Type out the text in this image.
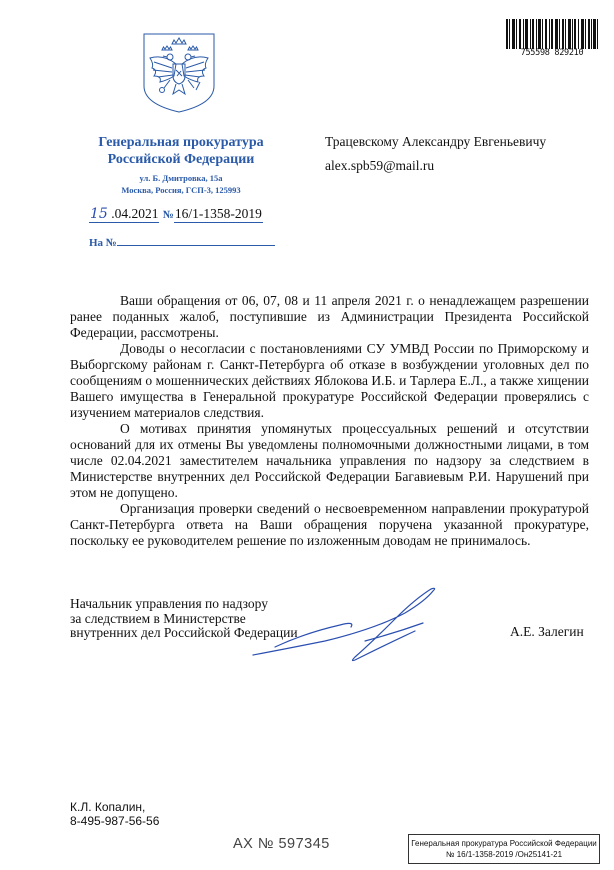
Генеральная прокуратура
Российской Федерации
ул. Б. Дмитровка, 15а
Москва, Россия, ГСП-3, 125993
15 .04.2021 №16/1-1358-2019
На №
Трацевскому Александру Евгеньевичу
alex.spb59@mail.ru
755598 829210

Ваши обращения от 06, 07, 08 и 11 апреля 2021 г. о ненадлежащем разрешении ранее поданных жалоб, поступившие из Администрации Президента Российской Федерации, рассмотрены.

Доводы о несогласии с постановлениями СУ УМВД России по Приморскому и Выборгскому районам г. Санкт-Петербурга об отказе в возбуждении уголовных дел по сообщениям о мошеннических действиях Яблокова И.Б. и Тарлера Е.Л., а также хищении Вашего имущества в Генеральной прокуратуре Российской Федерации проверялись с изучением материалов следствия.

О мотивах принятия упомянутых процессуальных решений и отсутствии оснований для их отмены Вы уведомлены полномочными должностными лицами, в том числе 02.04.2021 заместителем начальника управления по надзору за следствием в Министерстве внутренних дел Российской Федерации Багавиевым Р.И. Нарушений при этом не допущено.

Организация проверки сведений о несвоевременном направлении прокуратурой Санкт-Петербурга ответа на Ваши обращения поручена указанной прокуратуре, поскольку ее руководителем решение по изложенным доводам не принималось.

Начальник управления по надзору
за следствием в Министерстве
внутренних дел Российской Федерации	А.Е. Залегин
К.Л. Копалин,
8-495-987-56-56
АХ № 597345	Генеральная прокуратура Российской Федерации
№ 16/1-1358-2019 /Он25141-21
